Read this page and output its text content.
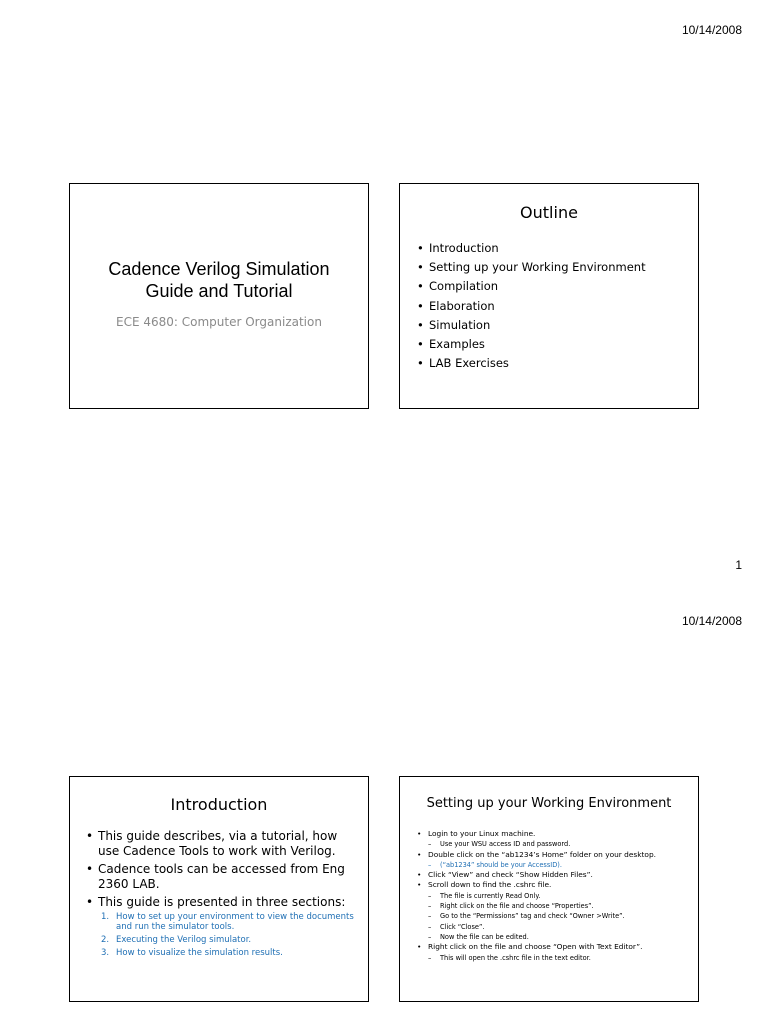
10/14/2008
Cadence Verilog Simulation
Guide and Tutorial
ECE 4680: Computer Organization
Outline
• Introduction
• Setting up your Working Environment
• Compilation
• Elaboration
• Simulation
• Examples
• LAB Exercises
1
10/14/2008
Introduction
• This guide describes, via a tutorial, how use Cadence Tools to work with Verilog.
• Cadence tools can be accessed from Eng 2360 LAB.
• This guide is presented in three sections:
1. How to set up your environment to view the documents and run the simulator tools.
2. Executing the Verilog simulator.
3. How to visualize the simulation results.
Setting up your Working Environment
• Login to your Linux machine.
– Use your WSU access ID and password.
• Double click on the “ab1234’s Home” folder on your desktop.
– (“ab1234” should be your AccessID).
• Click “View” and check “Show Hidden Files”.
• Scroll down to find the .cshrc file.
– The file is currently Read Only.
– Right click on the file and choose “Properties”.
– Go to the “Permissions” tag and check “Owner >Write”.
– Click “Close”.
– Now the file can be edited.
• Right click on the file and choose “Open with Text Editor”.
– This will open the .cshrc file in the text editor.
